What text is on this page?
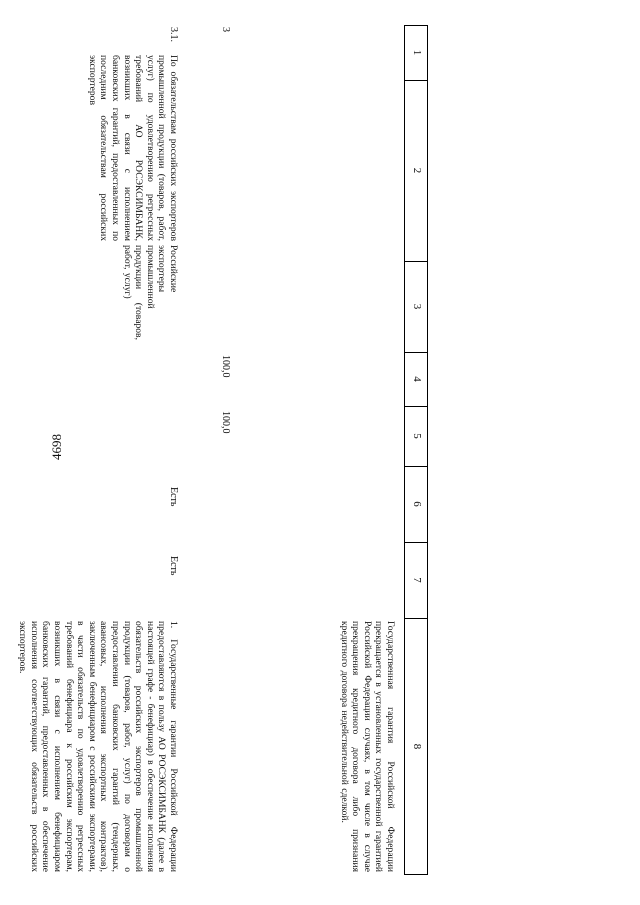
4698
1
2
3
4
5
6
7
8
Государственная гарантия Российской Федерации прекращается в установленных государственной гарантией Российской Федерации случаях, в том числе в случае прекращения кредитного договора либо признания кредитного договора недействительной сделкой.
3
100,0
100,0
3.1.
По обязательствам российских экспортеров промышленной продукции (товаров, работ, услуг) по удовлетворению регрессных требований АО РОСЭКСИМБАНК, возникших в связи с исполнением банковских гарантий, предоставленных по последним обязательствам российских экспортеров
Российские экспортеры промышленной продукции (товаров, работ, услуг)
Есть
Есть
1. Государственные гарантии Российской Федерации предоставляются в пользу АО РОСЭКСИМБАНК (далее в настоящей графе - бенефициар) в обеспечение исполнения обязательств российских экспортеров промышленной продукции (товаров, работ, услуг) по договорам о предоставлении банковских гарантий (тендерных, авансовых, исполнения экспортных контрактов), заключенным бенефициаром с российскими экспортерами, в части обязательств по удовлетворению регрессных требований бенефициара к российским экспортерам, возникших в связи с исполнением бенефициаром банковских гарантий, предоставленных в обеспечение исполнения соответствующих обязательств российских экспортеров.
